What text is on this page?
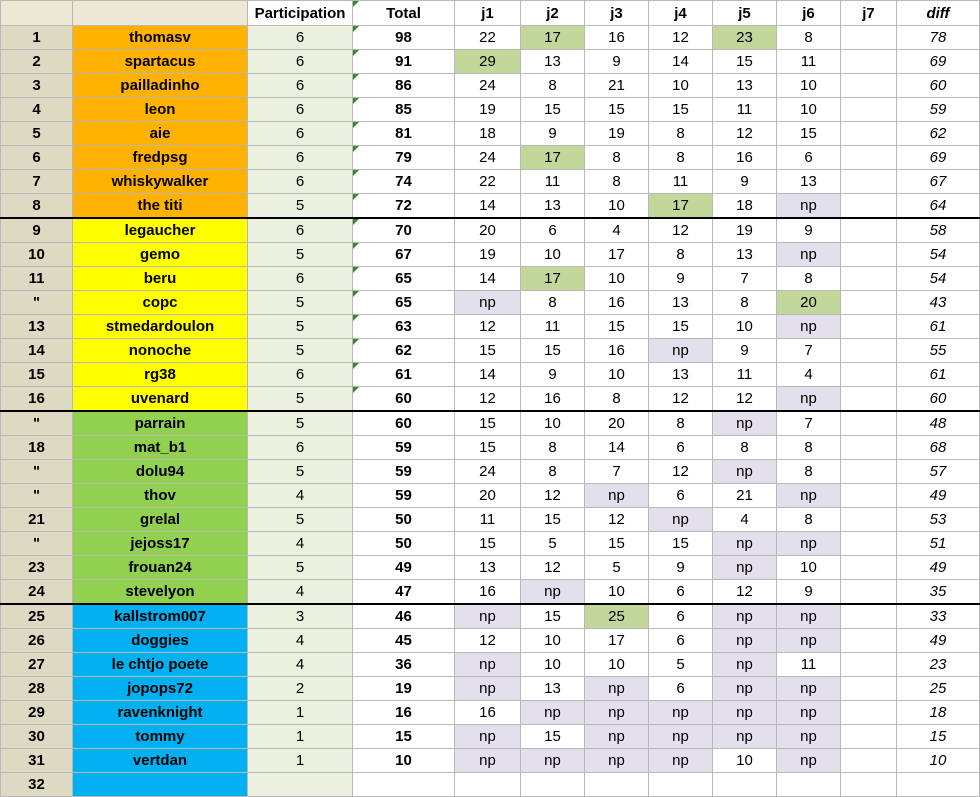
		Participation	Total	j1	j2	j3	j4	j5	j6	j7	diff
1	thomasv	6	98	22	17	16	12	23	8		78
2	spartacus	6	91	29	13	9	14	15	11		69
3	pailladinho	6	86	24	8	21	10	13	10		60
4	leon	6	85	19	15	15	15	11	10		59
5	aie	6	81	18	9	19	8	12	15		62
6	fredpsg	6	79	24	17	8	8	16	6		69
7	whiskywalker	6	74	22	11	8	11	9	13		67
8	the titi	5	72	14	13	10	17	18	np		64
9	legaucher	6	70	20	6	4	12	19	9		58
10	gemo	5	67	19	10	17	8	13	np		54
11	beru	6	65	14	17	10	9	7	8		54
"	copc	5	65	np	8	16	13	8	20		43
13	stmedardoulon	5	63	12	11	15	15	10	np		61
14	nonoche	5	62	15	15	16	np	9	7		55
15	rg38	6	61	14	9	10	13	11	4		61
16	uvenard	5	60	12	16	8	12	12	np		60
"	parrain	5	60	15	10	20	8	np	7		48
18	mat_b1	6	59	15	8	14	6	8	8		68
"	dolu94	5	59	24	8	7	12	np	8		57
"	thov	4	59	20	12	np	6	21	np		49
21	grelal	5	50	11	15	12	np	4	8		53
"	jejoss17	4	50	15	5	15	15	np	np		51
23	frouan24	5	49	13	12	5	9	np	10		49
24	stevelyon	4	47	16	np	10	6	12	9		35
25	kallstrom007	3	46	np	15	25	6	np	np		33
26	doggies	4	45	12	10	17	6	np	np		49
27	le chtjo poete	4	36	np	10	10	5	np	11		23
28	jopops72	2	19	np	13	np	6	np	np		25
29	ravenknight	1	16	16	np	np	np	np	np		18
30	tommy	1	15	np	15	np	np	np	np		15
31	vertdan	1	10	np	np	np	np	10	np		10
32											
